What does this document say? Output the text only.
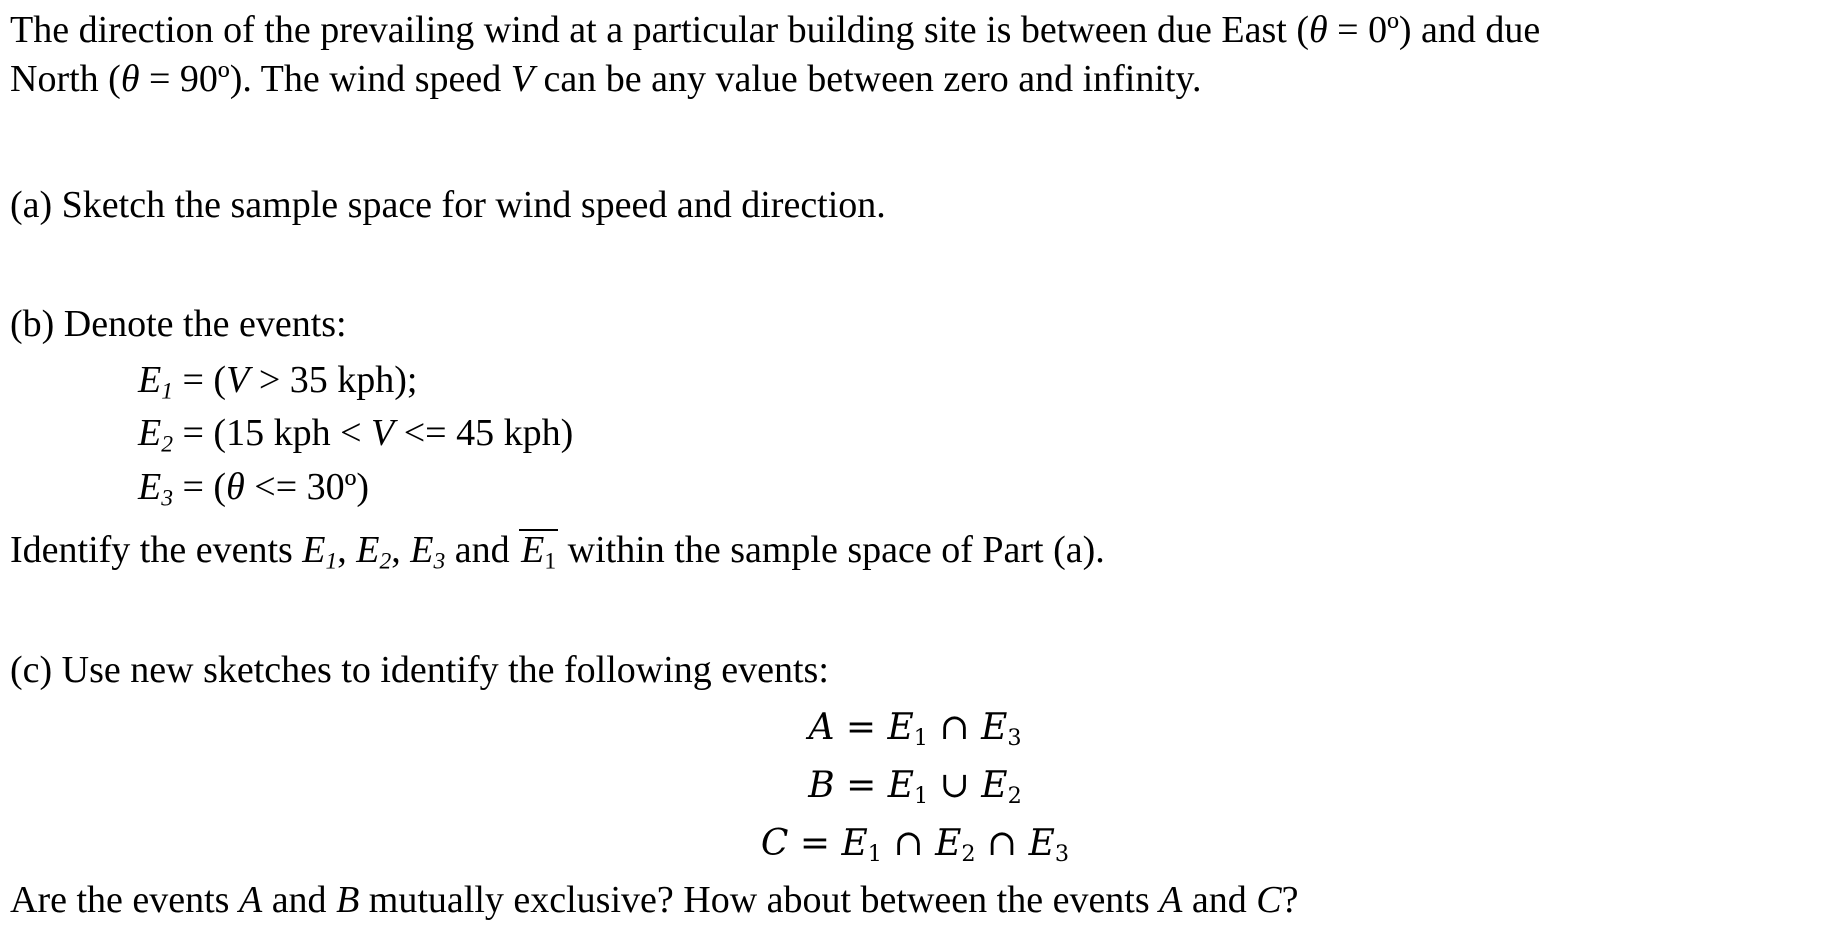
The direction of the prevailing wind at a particular building site is between due East (θ = 0º) and due
North (θ = 90º). The wind speed V can be any value between zero and infinity.
(a) Sketch the sample space for wind speed and direction.
(b) Denote the events:
$E_1 = (V > 35$ kph);
$E_2 = (15$ kph < V <= 45 kph)
$E_3 = (\theta$ <= 30º)
Identify the events $E_1$, $E_2$, $E_3$ and $E_1$ within the sample space of Part (a).
(c) Use new sketches to identify the following events:
$A = E_1$ ∩ $E_3$
$B = E_1$ ∪ $E_2$
$C = E_1$ ∩ $E_2$ ∩ $E_3$
Are the events A and B mutually exclusive? How about between the events A and C?
